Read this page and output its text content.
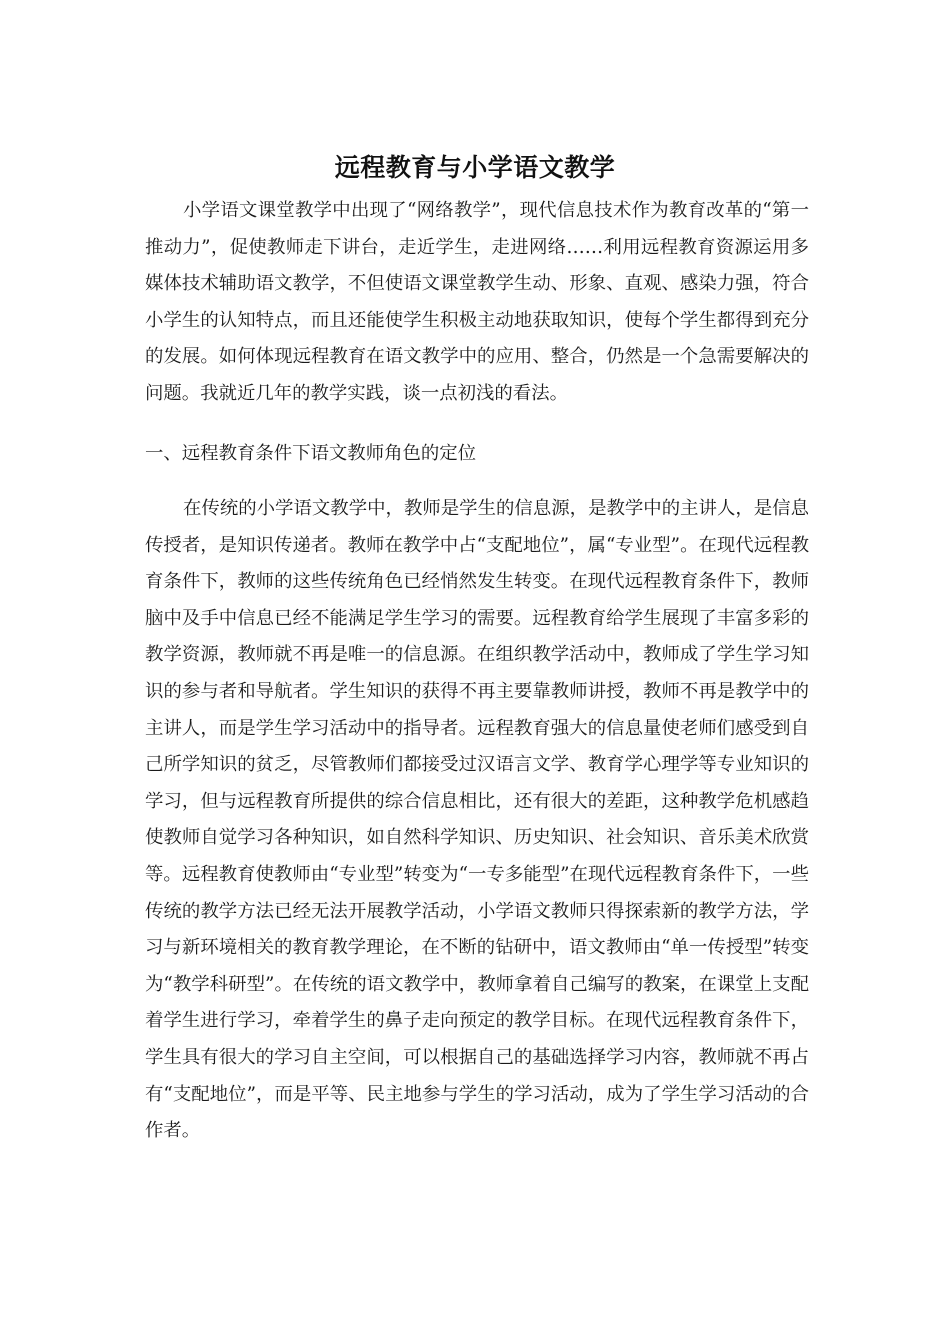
远程教育与小学语文教学

小学语文课堂教学中出现了“网络教学”，现代信息技术作为教育改革的“第一推动力”，促使教师走下讲台，走近学生，走进网络……利用远程教育资源运用多媒体技术辅助语文教学，不但使语文课堂教学生动、形象、直观、感染力强，符合小学生的认知特点，而且还能使学生积极主动地获取知识，使每个学生都得到充分的发展。如何体现远程教育在语文教学中的应用、整合，仍然是一个急需要解决的问题。我就近几年的教学实践，谈一点初浅的看法。

一、远程教育条件下语文教师角色的定位

在传统的小学语文教学中，教师是学生的信息源，是教学中的主讲人，是信息传授者，是知识传递者。教师在教学中占“支配地位”，属“专业型”。在现代远程教育条件下，教师的这些传统角色已经悄然发生转变。在现代远程教育条件下，教师脑中及手中信息已经不能满足学生学习的需要。远程教育给学生展现了丰富多彩的教学资源，教师就不再是唯一的信息源。在组织教学活动中，教师成了学生学习知识的参与者和导航者。学生知识的获得不再主要靠教师讲授，教师不再是教学中的主讲人，而是学生学习活动中的指导者。远程教育强大的信息量使老师们感受到自己所学知识的贫乏，尽管教师们都接受过汉语言文学、教育学心理学等专业知识的学习，但与远程教育所提供的综合信息相比，还有很大的差距，这种教学危机感趋使教师自觉学习各种知识，如自然科学知识、历史知识、社会知识、音乐美术欣赏等。远程教育使教师由“专业型”转变为“一专多能型”在现代远程教育条件下，一些传统的教学方法已经无法开展教学活动，小学语文教师只得探索新的教学方法，学习与新环境相关的教育教学理论，在不断的钻研中，语文教师由“单一传授型”转变为“教学科研型”。在传统的语文教学中，教师拿着自己编写的教案，在课堂上支配着学生进行学习，牵着学生的鼻子走向预定的教学目标。在现代远程教育条件下，学生具有很大的学习自主空间，可以根据自己的基础选择学习内容，教师就不再占有“支配地位”，而是平等、民主地参与学生的学习活动，成为了学生学习活动的合作者。
